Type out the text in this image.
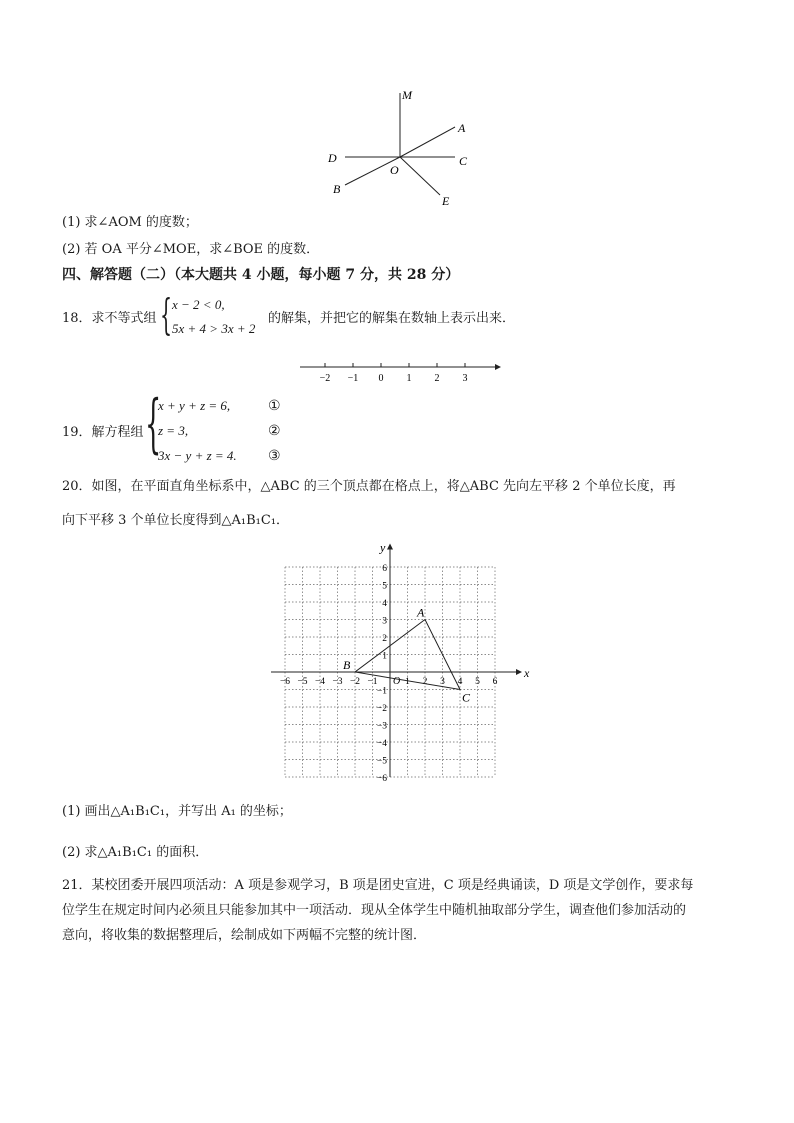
M
A
C
D
O
B
E
(1) 求∠AOM 的度数；
(2) 若 OA 平分∠MOE，求∠BOE 的度数．
四、解答题（二）（本大题共 4 小题，每小题 7 分，共 28 分）
18．求不等式组 { x − 2 < 0,
5x + 4 > 3x + 2
的解集，并把它的解集在数轴上表示出来．
−2 −1 0 1 2 3
19．解方程组 {
x + y + z = 6,
z = 3,
3x − y + z = 4.
①
②
③
20．如图，在平面直角坐标系中，△ABC 的三个顶点都在格点上，将△ABC 先向左平移 2 个单位长度，再
向下平移 3 个单位长度得到△A₁B₁C₁．
x
y
O
−6 −5 −4 −3 −2 −1	1 2 3 4 5 6
6
5
4
3
2
1
−1
−2
−3
−4
−5
−6
A
B
C
(1) 画出△A₁B₁C₁，并写出 A₁ 的坐标；
(2) 求△A₁B₁C₁ 的面积．
21．某校团委开展四项活动：A 项是参观学习，B 项是团史宣进，C 项是经典诵读，D 项是文学创作，要求每
位学生在规定时间内必须且只能参加其中一项活动．现从全体学生中随机抽取部分学生，调查他们参加活动的
意向，将收集的数据整理后，绘制成如下两幅不完整的统计图．
